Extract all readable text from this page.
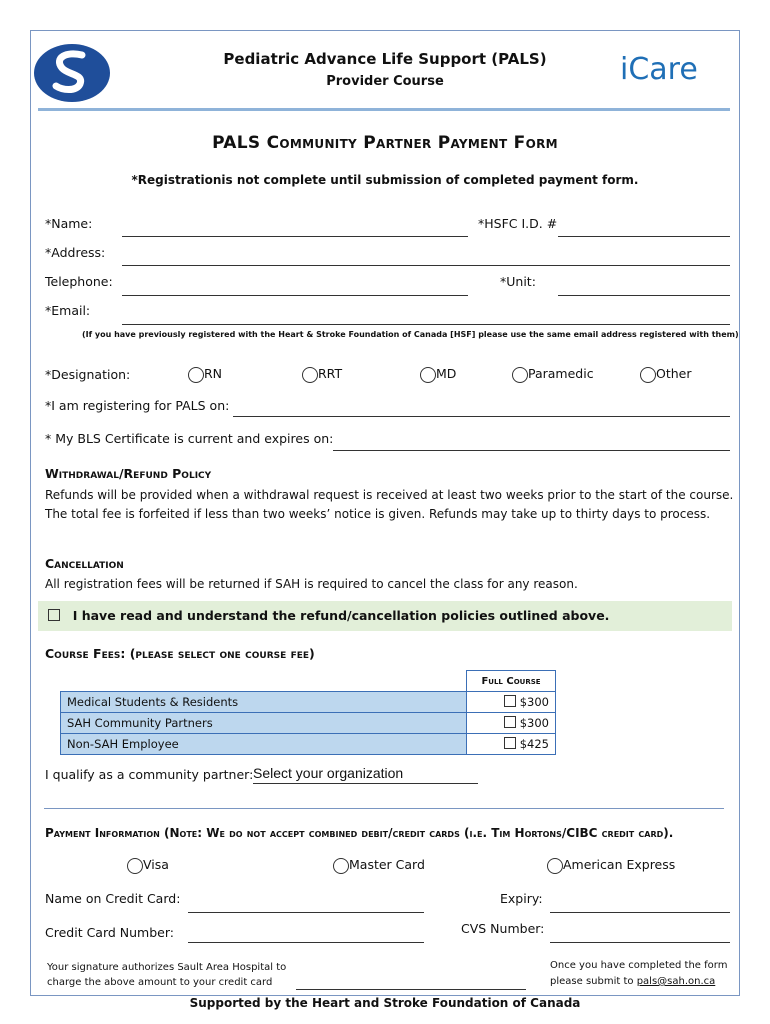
iCare
Pediatric Advance Life Support (PALS)
Provider Course
PALS Community Partner Payment Form
*Registrationis not complete until submission of completed payment form.
*Name:	*HSFC I.D. #
*Address:
Telephone:	*Unit:
*Email:
(If you have previously registered with the Heart & Stroke Foundation of Canada [HSF] please use the same email address registered with them)
*Designation:	RN	RRT	MD	Paramedic	Other
*I am registering for PALS on:
* My BLS Certificate is current and expires on:
Withdrawal/Refund Policy
Refunds will be provided when a withdrawal request is received at least two weeks prior to the start of the course. The total fee is forfeited if less than two weeks’ notice is given. Refunds may take up to thirty days to process.
Cancellation
All registration fees will be returned if SAH is required to cancel the class for any reason.
I have read and understand the refund/cancellation policies outlined above.
Course Fees: (please select one course fee)
	Full Course
Medical Students & Residents	$300
SAH Community Partners	$300
Non-SAH Employee	$425
I qualify as a community partner: Select your organization
Payment Information (Note: We do not accept combined debit/credit cards (i.e. Tim Hortons/CIBC credit card).
Visa	Master Card	American Express
Name on Credit Card:	Expiry:
Credit Card Number:	CVS Number:
Your signature authorizes Sault Area Hospital to
charge the above amount to your credit card
Once you have completed the form
please submit to pals@sah.on.ca
Supported by the Heart and Stroke Foundation of Canada
